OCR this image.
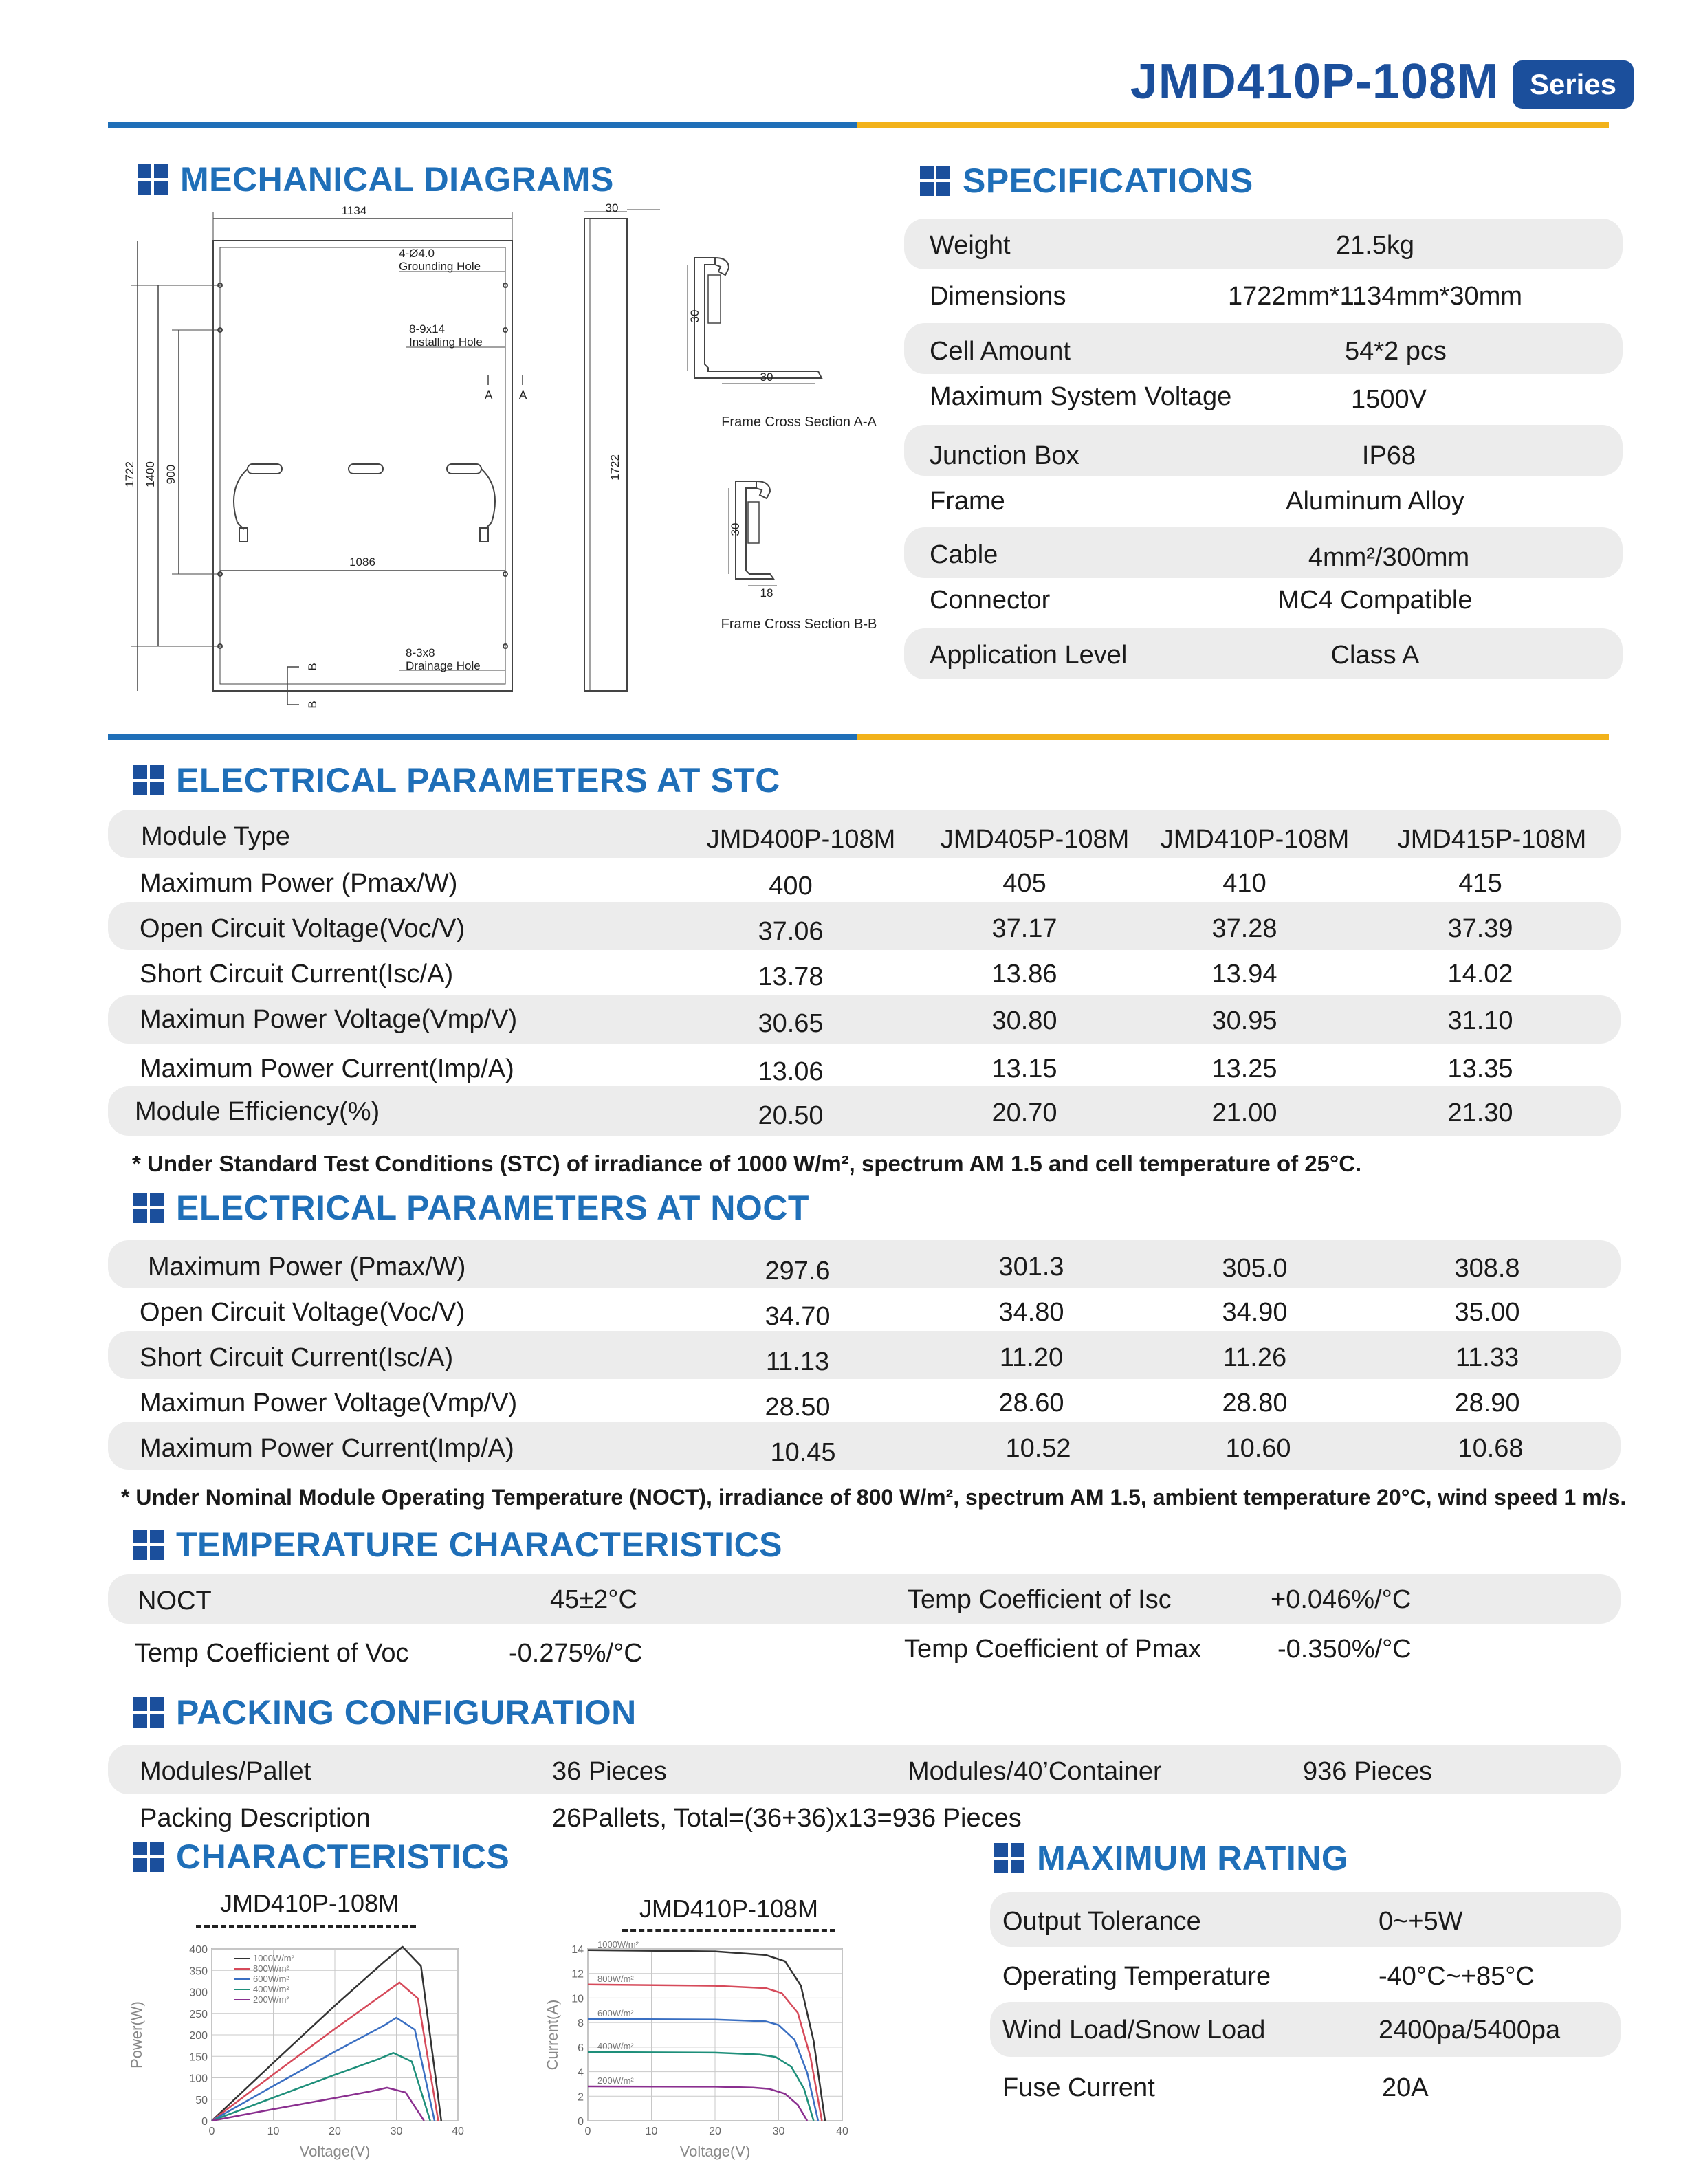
JMD410P-108M	Series
MECHANICAL DIAGRAMS
1134
4-Ø4.0
Grounding Hole
8-9x14
Installing Hole
A A
1722 1400 900
1086
8-3x8
Drainage Hole
B
B
30
1722
30
30
Frame Cross Section A-A
30
18
Frame Cross Section B-B
SPECIFICATIONS
Weight	21.5kg
Dimensions	1722mm*1134mm*30mm
Cell Amount	54*2 pcs
Maximum System Voltage	1500V
Junction Box	IP68
Frame	Aluminum Alloy
Cable	4mm²/300mm
Connector	MC4 Compatible
Application Level	Class A
ELECTRICAL PARAMETERS AT STC
Module Type	JMD400P-108M	JMD405P-108M	JMD410P-108M	JMD415P-108M
Maximum Power (Pmax/W)	400	405	410	415
Open Circuit Voltage(Voc/V)	37.06	37.17	37.28	37.39
Short Circuit Current(Isc/A)	13.78	13.86	13.94	14.02
Maximun Power Voltage(Vmp/V)	30.65	30.80	30.95	31.10
Maximum Power Current(Imp/A)	13.06	13.15	13.25	13.35
Module Efficiency(%)	20.50	20.70	21.00	21.30
* Under Standard Test Conditions (STC) of irradiance of 1000 W/m², spectrum AM 1.5 and cell temperature of 25°C.
ELECTRICAL PARAMETERS AT NOCT
Maximum Power (Pmax/W)	297.6	301.3	305.0	308.8
Open Circuit Voltage(Voc/V)	34.70	34.80	34.90	35.00
Short Circuit Current(Isc/A)	11.13	11.20	11.26	11.33
Maximun Power Voltage(Vmp/V)	28.50	28.60	28.80	28.90
Maximum Power Current(Imp/A)	10.45	10.52	10.60	10.68
* Under Nominal Module Operating Temperature (NOCT), irradiance of 800 W/m², spectrum AM 1.5, ambient temperature 20°C, wind speed 1 m/s.
TEMPERATURE CHARACTERISTICS
NOCT	45±2°C	Temp Coefficient of Isc	+0.046%/°C
Temp Coefficient of Voc	-0.275%/°C	Temp Coefficient of Pmax	-0.350%/°C
PACKING CONFIGURATION
Modules/Pallet	36 Pieces	Modules/40’Container	936 Pieces
Packing Description	26Pallets, Total=(36+36)x13=936 Pieces
CHARACTERISTICS
JMD410P-108M
0
50
100
150
200
250
300
350
400
0	10	20	30	40
1000W/m²
800W/m²
600W/m²
400W/m²
200W/m²
Voltage(V)
Power(W)
JMD410P-108M
0
2
4
6
8
10
12
14
0	10	20	30	40
1000W/m²
800W/m²
600W/m²
400W/m²
200W/m²
Voltage(V)
Current(A)
MAXIMUM RATING
Output Tolerance	0~+5W
Operating Temperature	-40°C~+85°C
Wind Load/Snow Load	2400pa/5400pa
Fuse Current	20A
